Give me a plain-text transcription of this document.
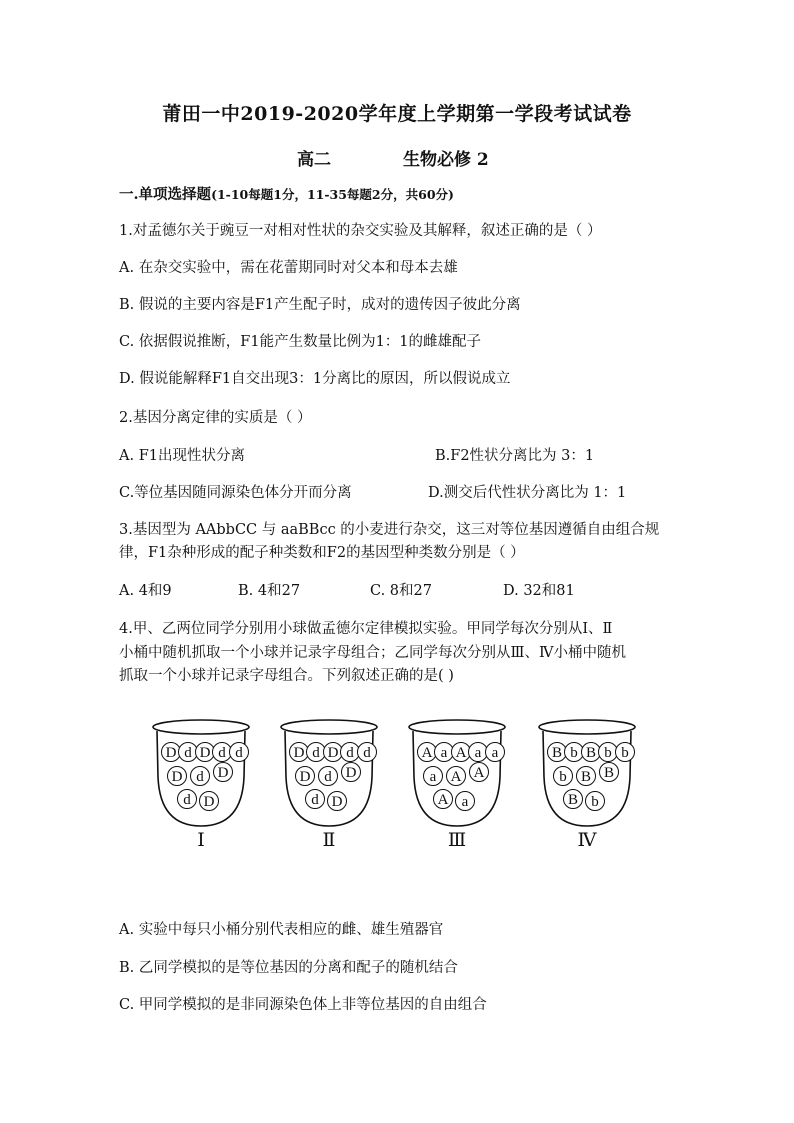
莆田一中2019-2020学年度上学期第一学段考试试卷
高二	生物必修 2
一.单项选择题(1-10每题1分，11-35每题2分，共60分)
1.对孟德尔关于豌豆一对相对性状的杂交实验及其解释，叙述正确的是（ ）
A. 在杂交实验中，需在花蕾期同时对父本和母本去雄
B. 假说的主要内容是F1产生配子时，成对的遗传因子彼此分离
C. 依据假说推断，F1能产生数量比例为1：1的雌雄配子
D. 假说能解释F1自交出现3：1分离比的原因，所以假说成立
2.基因分离定律的实质是（ ）
A. F1出现性状分离	B.F2性状分离比为 3：1
C.等位基因随同源染色体分开而分离	D.测交后代性状分离比为 1：1
3.基因型为 AAbbCC 与 aaBBcc 的小麦进行杂交，这三对等位基因遵循自由组合规
律，F1杂种形成的配子种类数和F2的基因型种类数分别是（ ）
A. 4和9	B. 4和27	C. 8和27	D. 32和81
4.甲、乙两位同学分别用小球做孟德尔定律模拟实验。甲同学每次分别从Ⅰ、Ⅱ
小桶中随机抓取一个小球并记录字母组合；乙同学每次分别从Ⅲ、Ⅳ小桶中随机
抓取一个小球并记录字母组合。下列叙述正确的是( )
D d D d d
D d D
d D
Ⅰ
D d D d d
D d D
d D
Ⅱ
A a A a a
a A A
A a
Ⅲ
B b B b b
b B B
B b
Ⅳ
A. 实验中每只小桶分别代表相应的雌、雄生殖器官
B. 乙同学模拟的是等位基因的分离和配子的随机结合
C. 甲同学模拟的是非同源染色体上非等位基因的自由组合
